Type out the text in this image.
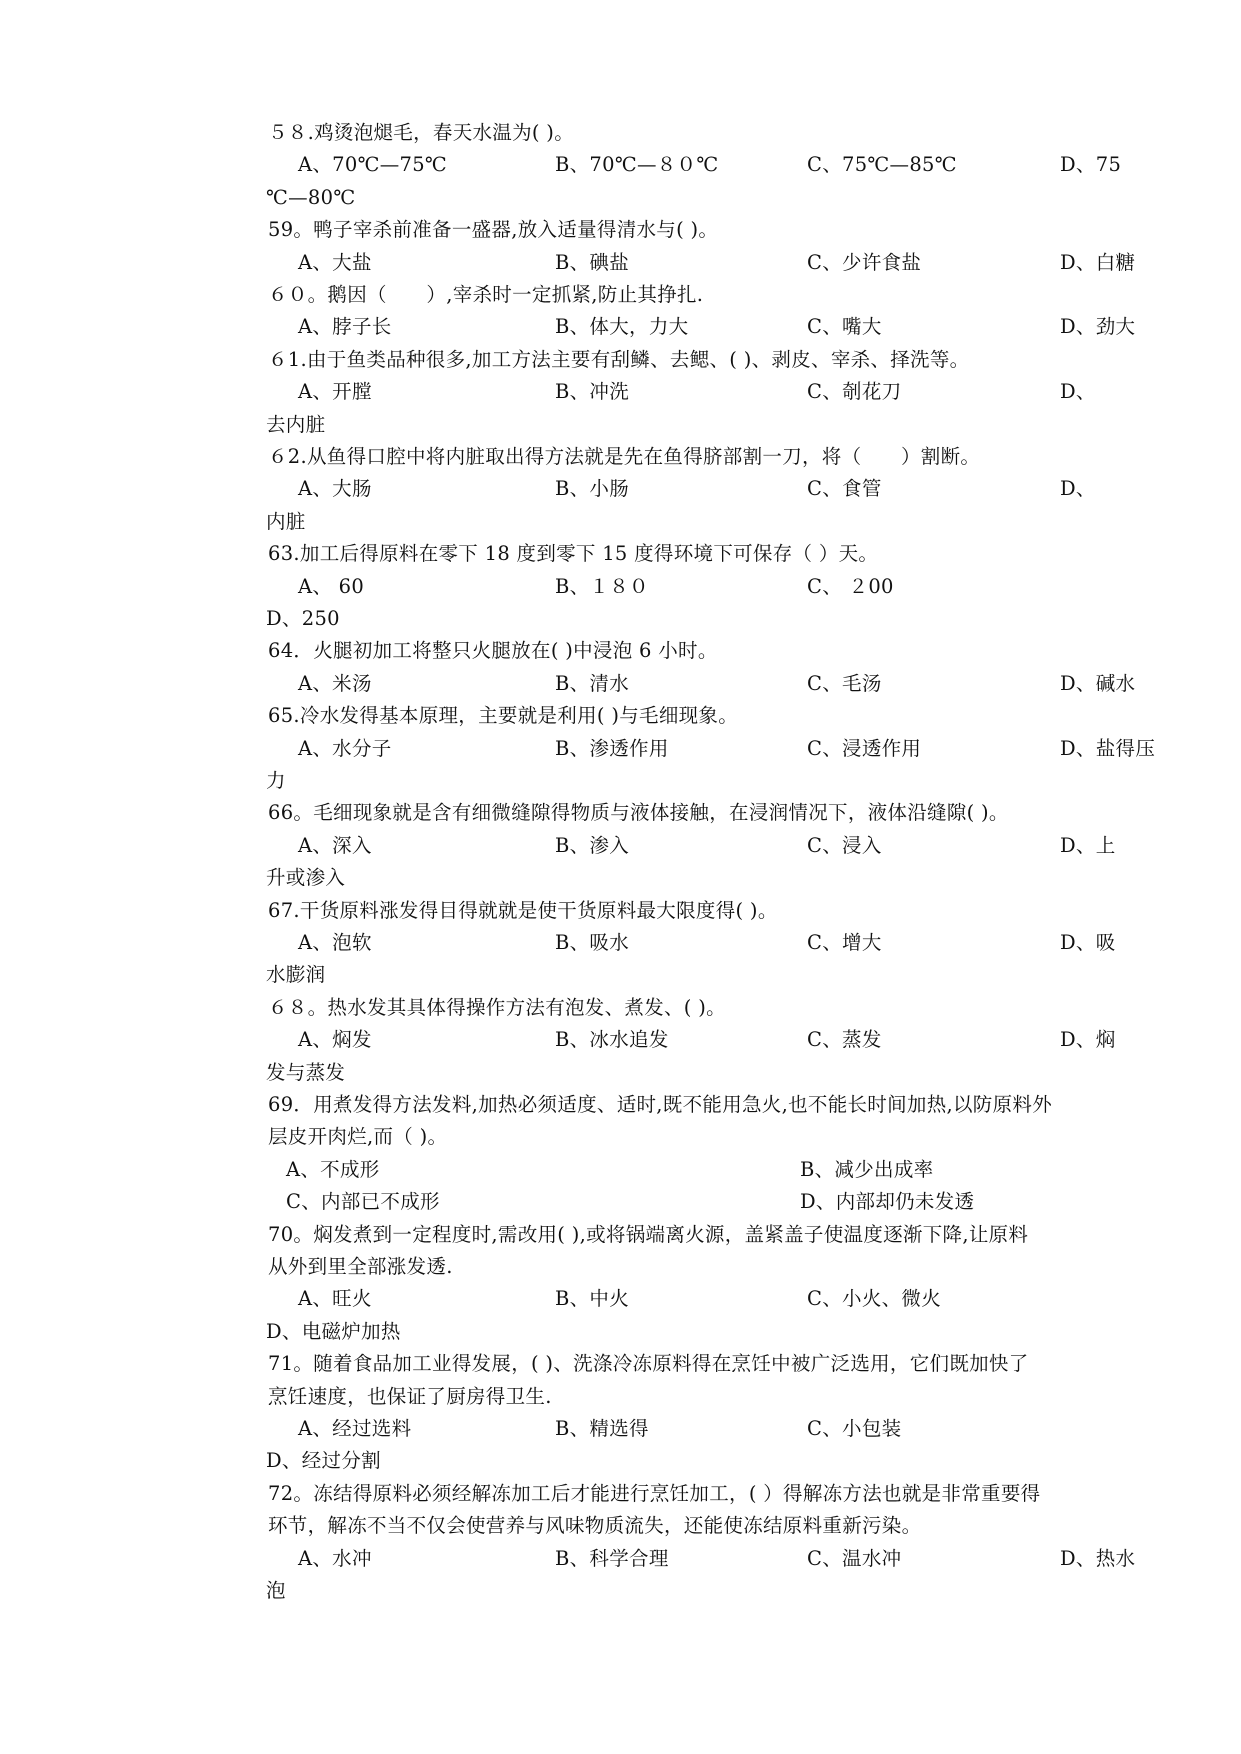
５８.鸡烫泡煺毛，春天水温为( )。
A、70℃—75℃	B、70℃—８０℃	C、75℃—85℃	D、75
℃—80℃
59。鸭子宰杀前准备一盛器,放入适量得清水与( )。
A、大盐	B、碘盐	C、少许食盐	D、白糖
６０。鹅因（　　）,宰杀时一定抓紧,防止其挣扎.
A、脖子长	B、体大，力大	C、嘴大	D、劲大
６1.由于鱼类品种很多,加工方法主要有刮鳞、去鳃、( )、剥皮、宰杀、择洗等。
A、开膛	B、冲洗	C、剞花刀	D、
去内脏
６2.从鱼得口腔中将内脏取出得方法就是先在鱼得脐部割一刀，将（　　）割断。
A、大肠	B、小肠	C、食管	D、
内脏
63.加工后得原料在零下 18 度到零下 15 度得环境下可保存（ ）天。
A、 60	B、１８０	C、 ２00
D、250
64．火腿初加工将整只火腿放在( )中浸泡 6 小时。
A、米汤	B、清水	C、毛汤	D、碱水
65.冷水发得基本原理，主要就是利用( )与毛细现象。
A、水分子	B、渗透作用	C、浸透作用	D、盐得压
力
66。毛细现象就是含有细微缝隙得物质与液体接触，在浸润情况下，液体沿缝隙( )。
A、深入	B、渗入	C、浸入	D、上
升或渗入
67.干货原料涨发得目得就就是使干货原料最大限度得( )。
A、泡软	B、吸水	C、增大	D、吸
水膨润
６８。热水发其具体得操作方法有泡发、煮发、( )。
A、焖发	B、冰水追发	C、蒸发	D、焖
发与蒸发
69．用煮发得方法发料,加热必须适度、适时,既不能用急火,也不能长时间加热,以防原料外
层皮开肉烂,而（ )。
A、不成形	B、减少出成率
C、内部已不成形	D、内部却仍未发透
70。焖发煮到一定程度时,需改用( ),或将锅端离火源，盖紧盖子使温度逐渐下降,让原料
从外到里全部涨发透.
A、旺火	B、中火	C、小火、微火
D、电磁炉加热
71。随着食品加工业得发展，( )、洗涤冷冻原料得在烹饪中被广泛选用，它们既加快了
烹饪速度，也保证了厨房得卫生.
A、经过选料	B、精选得	C、小包装
D、经过分割
72。冻结得原料必须经解冻加工后才能进行烹饪加工，( ）得解冻方法也就是非常重要得
环节，解冻不当不仅会使营养与风味物质流失，还能使冻结原料重新污染。
A、水冲	B、科学合理	C、温水冲	D、热水
泡
